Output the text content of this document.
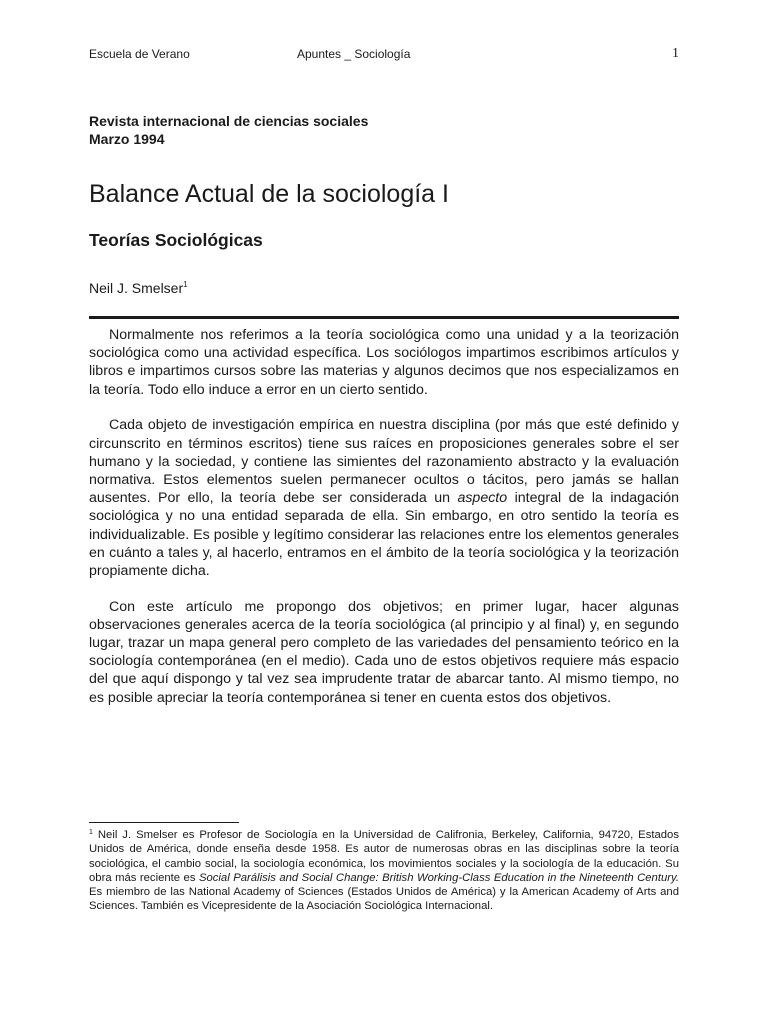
Escuela de Verano	Apuntes _ Sociología	1
Revista internacional de ciencias sociales
Marzo 1994
Balance Actual de la sociología I
Teorías Sociológicas
Neil J. Smelser$^1$

Normalmente nos referimos a la teoría sociológica como una unidad y a la teorización sociológica como una actividad específica. Los sociólogos impartimos escribimos artículos y libros e impartimos cursos sobre las materias y algunos decimos que nos especializamos en la teoría. Todo ello induce a error en un cierto sentido.

Cada objeto de investigación empírica en nuestra disciplina (por más que esté definido y circunscrito en términos escritos) tiene sus raíces en proposiciones generales sobre el ser humano y la sociedad, y contiene las simientes del razonamiento abstracto y la evaluación normativa. Estos elementos suelen permanecer ocultos o tácitos, pero jamás se hallan ausentes. Por ello, la teoría debe ser considerada un aspecto integral de la indagación sociológica y no una entidad separada de ella. Sin embargo, en otro sentido la teoría es individualizable. Es posible y legítimo considerar las relaciones entre los elementos generales en cuánto a tales y, al hacerlo, entramos en el ámbito de la teoría sociológica y la teorización propiamente dicha.

Con este artículo me propongo dos objetivos; en primer lugar, hacer algunas observaciones generales acerca de la teoría sociológica (al principio y al final) y, en segundo lugar, trazar un mapa general pero completo de las variedades del pensamiento teórico en la sociología contemporánea (en el medio). Cada uno de estos objetivos requiere más espacio del que aquí dispongo y tal vez sea imprudente tratar de abarcar tanto. Al mismo tiempo, no es posible apreciar la teoría contemporánea si tener en cuenta estos dos objetivos.

$^1$ Neil J. Smelser es Profesor de Sociología en la Universidad de Califronia, Berkeley, California, 94720, Estados Unidos de América, donde enseña desde 1958. Es autor de numerosas obras en las disciplinas sobre la teoría sociológica, el cambio social, la sociología económica, los movimientos sociales y la sociología de la educación. Su obra más reciente es Social Parálisis and Social Change: British Working-Class Education in the Nineteenth Century. Es miembro de las National Academy of Sciences (Estados Unidos de América) y la American Academy of Arts and Sciences. También es Vicepresidente de la Asociación Sociológica Internacional.
